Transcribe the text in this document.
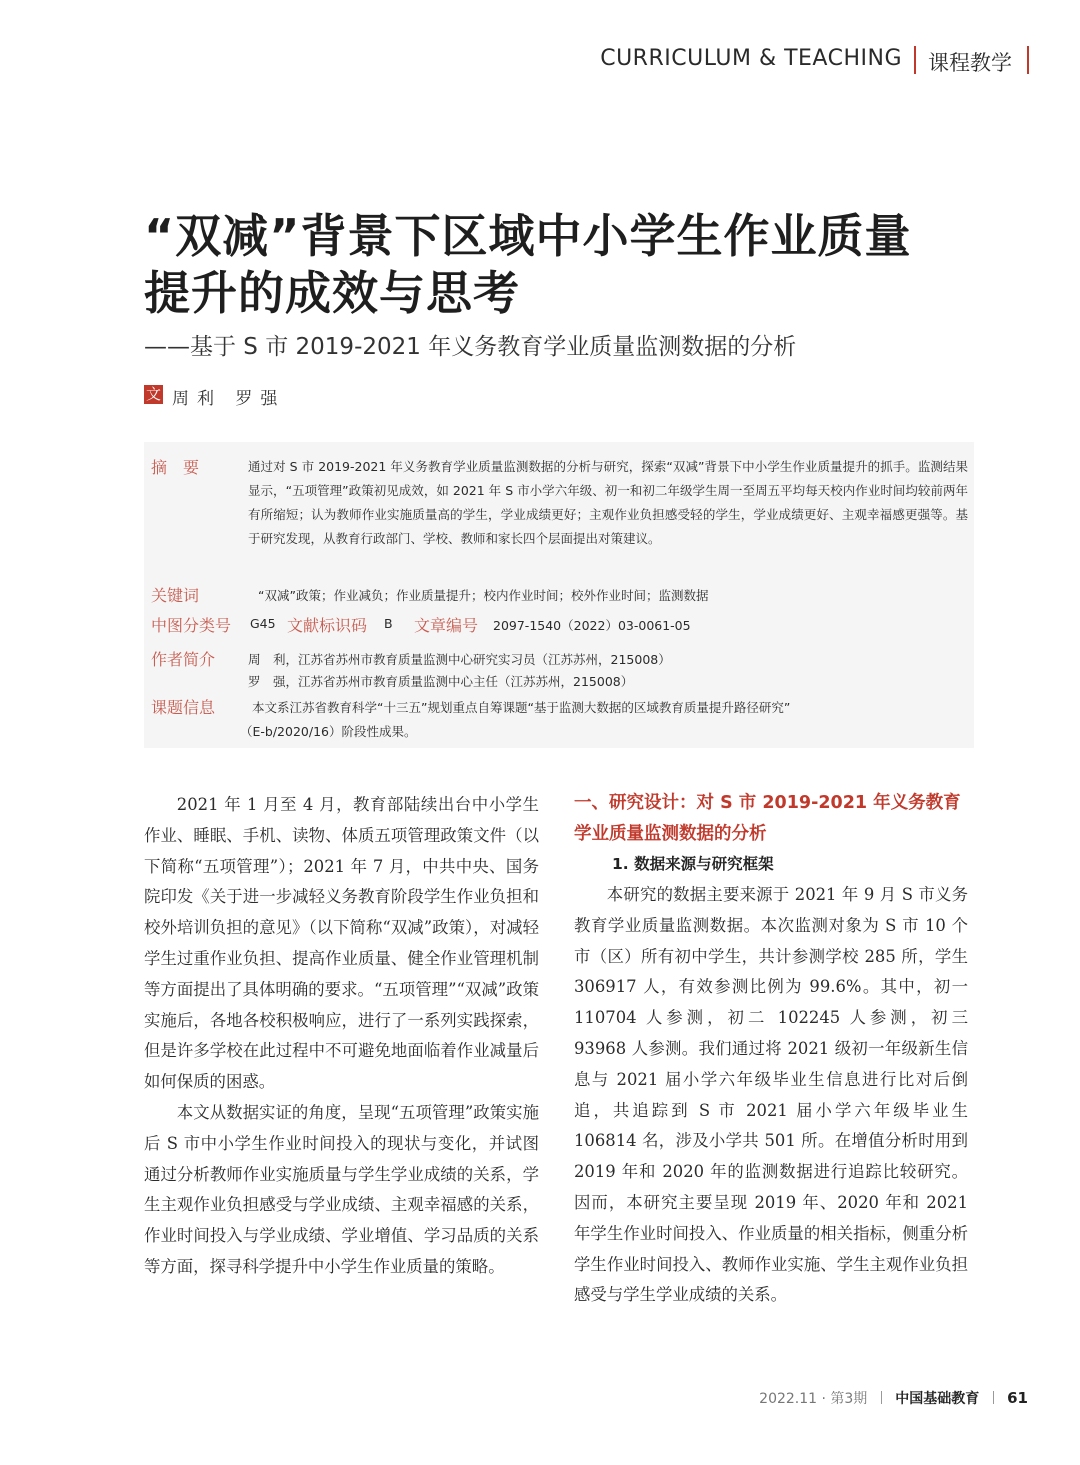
CURRICULUM & TEACHING 课程教学
“双减”背景下区域中小学生作业质量
提升的成效与思考
——基于 S 市 2019-2021 年义务教育学业质量监测数据的分析
文 周利 罗强
摘　要	通过对 S 市 2019-2021 年义务教育学业质量监测数据的分析与研究，探索“双减”背景下中小学生作业质量提升的抓手。监测结果显示，“五项管理”政策初见成效，如 2021 年 S 市小学六年级、初一和初二年级学生周一至周五平均每天校内作业时间均较前两年有所缩短；认为教师作业实施质量高的学生，学业成绩更好；主观作业负担感受轻的学生，学业成绩更好、主观幸福感更强等。基于研究发现，从教育行政部门、学校、教师和家长四个层面提出对策建议。
关键词	“双减”政策；作业减负；作业质量提升；校内作业时间；校外作业时间；监测数据
中图分类号 G45 文献标识码 B 文章编号 2097-1540（2022）03-0061-05
作者简介	周　利，江苏省苏州市教育质量监测中心研究实习员（江苏苏州，215008）
罗　强，江苏省苏州市教育质量监测中心主任（江苏苏州，215008）
课题信息	本文系江苏省教育科学“十三五”规划重点自筹课题“基于监测大数据的区域教育质量提升路径研究”
（E-b/2020/16）阶段性成果。

2021 年 1 月至 4 月，教育部陆续出台中小学生作业、睡眠、手机、读物、体质五项管理政策文件（以下简称“五项管理”）；2021 年 7 月，中共中央、国务院印发《关于进一步减轻义务教育阶段学生作业负担和校外培训负担的意见》（以下简称“双减”政策），对减轻学生过重作业负担、提高作业质量、健全作业管理机制等方面提出了具体明确的要求。“五项管理”“双减”政策实施后，各地各校积极响应，进行了一系列实践探索，但是许多学校在此过程中不可避免地面临着作业减量后如何保质的困惑。

本文从数据实证的角度，呈现“五项管理”政策实施后 S 市中小学生作业时间投入的现状与变化，并试图通过分析教师作业实施质量与学生学业成绩的关系，学生主观作业负担感受与学业成绩、主观幸福感的关系，作业时间投入与学业成绩、学业增值、学习品质的关系等方面，探寻科学提升中小学生作业质量的策略。

一、研究设计：对 S 市 2019-2021 年义务教育学业质量监测数据的分析
1. 数据来源与研究框架

本研究的数据主要来源于 2021 年 9 月 S 市义务教育学业质量监测数据。本次监测对象为 S 市 10 个市（区）所有初中学生，共计参测学校 285 所，学生 306917 人，有效参测比例为 99.6%。其中，初一 110704 人参测，初二 102245 人参测，初三 93968 人参测。我们通过将 2021 级初一年级新生信息与 2021 届小学六年级毕业生信息进行比对后倒追，共追踪到 S 市 2021 届小学六年级毕业生 106814 名，涉及小学共 501 所。在增值分析时用到 2019 年和 2020 年的监测数据进行追踪比较研究。因而，本研究主要呈现 2019 年、2020 年和 2021 年学生作业时间投入、作业质量的相关指标，侧重分析学生作业时间投入、教师作业实施、学生主观作业负担感受与学生学业成绩的关系。

2022.11 · 第3期 中国基础教育 61
